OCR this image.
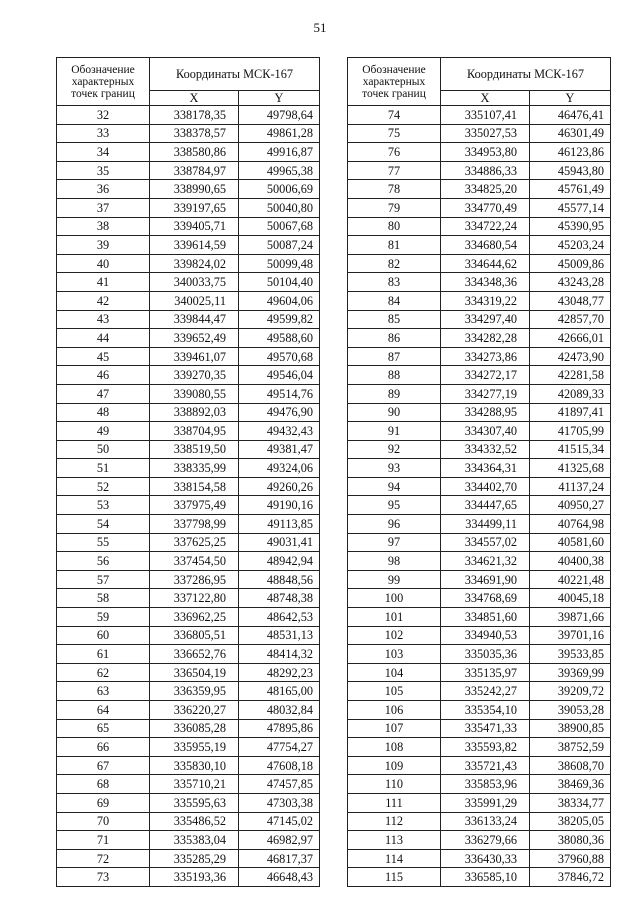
51
Обозначение
характерных
точек границ	Координаты МСК-167	
	X	Y
32	338178,35	49798,64
33	338378,57	49861,28
34	338580,86	49916,87
35	338784,97	49965,38
36	338990,65	50006,69
37	339197,65	50040,80
38	339405,71	50067,68
39	339614,59	50087,24
40	339824,02	50099,48
41	340033,75	50104,40
42	340025,11	49604,06
43	339844,47	49599,82
44	339652,49	49588,60
45	339461,07	49570,68
46	339270,35	49546,04
47	339080,55	49514,76
48	338892,03	49476,90
49	338704,95	49432,43
50	338519,50	49381,47
51	338335,99	49324,06
52	338154,58	49260,26
53	337975,49	49190,16
54	337798,99	49113,85
55	337625,25	49031,41
56	337454,50	48942,94
57	337286,95	48848,56
58	337122,80	48748,38
59	336962,25	48642,53
60	336805,51	48531,13
61	336652,76	48414,32
62	336504,19	48292,23
63	336359,95	48165,00
64	336220,27	48032,84
65	336085,28	47895,86
66	335955,19	47754,27
67	335830,10	47608,18
68	335710,21	47457,85
69	335595,63	47303,38
70	335486,52	47145,02
71	335383,04	46982,97
72	335285,29	46817,37
73	335193,36	46648,43
Обозначение
характерных
точек границ	Координаты МСК-167	
	X	Y
74	335107,41	46476,41
75	335027,53	46301,49
76	334953,80	46123,86
77	334886,33	45943,80
78	334825,20	45761,49
79	334770,49	45577,14
80	334722,24	45390,95
81	334680,54	45203,24
82	334644,62	45009,86
83	334348,36	43243,28
84	334319,22	43048,77
85	334297,40	42857,70
86	334282,28	42666,01
87	334273,86	42473,90
88	334272,17	42281,58
89	334277,19	42089,33
90	334288,95	41897,41
91	334307,40	41705,99
92	334332,52	41515,34
93	334364,31	41325,68
94	334402,70	41137,24
95	334447,65	40950,27
96	334499,11	40764,98
97	334557,02	40581,60
98	334621,32	40400,38
99	334691,90	40221,48
100	334768,69	40045,18
101	334851,60	39871,66
102	334940,53	39701,16
103	335035,36	39533,85
104	335135,97	39369,99
105	335242,27	39209,72
106	335354,10	39053,28
107	335471,33	38900,85
108	335593,82	38752,59
109	335721,43	38608,70
110	335853,96	38469,36
111	335991,29	38334,77
112	336133,24	38205,05
113	336279,66	38080,36
114	336430,33	37960,88
115	336585,10	37846,72
